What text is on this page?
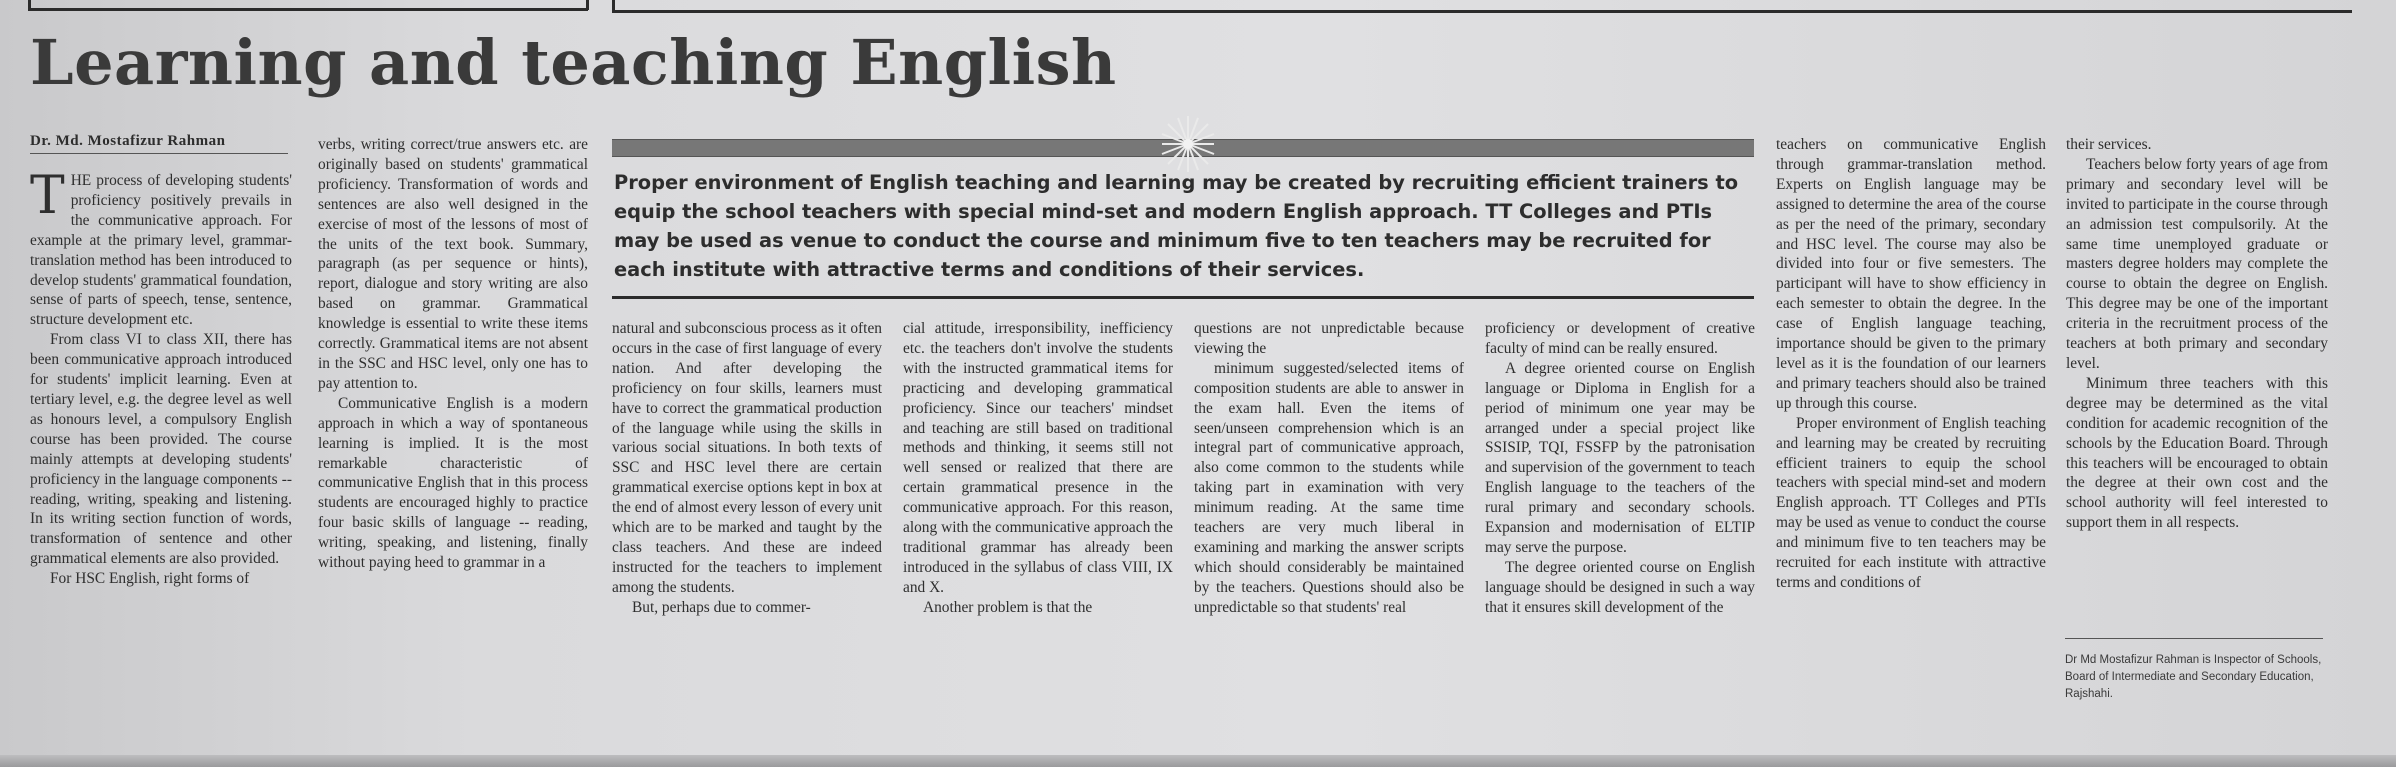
Learning and teaching English
Dr. Md. Mostafizur Rahman

THE process of developing students' proficiency positively prevails in the communicative approach. For example at the primary level, grammar-translation method has been introduced to develop students' grammatical foundation, sense of parts of speech, tense, sentence, structure development etc.

From class VI to class XII, there has been communicative approach introduced for students' implicit learning. Even at tertiary level, e.g. the degree level as well as honours level, a compulsory English course has been provided. The course mainly attempts at developing students' proficiency in the language components -- reading, writing, speaking and listening. In its writing section function of words, transformation of sentence and other grammatical elements are also provided.

For HSC English, right forms of

verbs, writing correct/true answers etc. are originally based on students' grammatical proficiency. Transformation of words and sentences are also well designed in the exercise of most of the lessons of most of the units of the text book. Summary, paragraph (as per sequence or hints), report, dialogue and story writing are also based on grammar. Grammatical knowledge is essential to write these items correctly. Grammatical items are not absent in the SSC and HSC level, only one has to pay attention to.

Communicative English is a modern approach in which a way of spontaneous learning is implied. It is the most remarkable characteristic of communicative English that in this process students are encouraged highly to practice four basic skills of language -- reading, writing, speaking, and listening, finally without paying heed to grammar in a

Proper environment of English teaching and learning may be created by recruiting efficient trainers to equip the school teachers with special mind-set and modern English approach. TT Colleges and PTIs may be used as venue to conduct the course and minimum five to ten teachers may be recruited for each institute with attractive terms and conditions of their services.

natural and subconscious process as it often occurs in the case of first language of every nation. And after developing the proficiency on four skills, learners must have to correct the grammatical production of the language while using the skills in various social situations. In both texts of SSC and HSC level there are certain grammatical exercise options kept in box at the end of almost every lesson of every unit which are to be marked and taught by the class teachers. And these are indeed instructed for the teachers to implement among the students.

But, perhaps due to commer-

cial attitude, irresponsibility, inefficiency etc. the teachers don't involve the students with the instructed grammatical items for practicing and developing grammatical proficiency. Since our teachers' mindset and teaching are still based on traditional methods and thinking, it seems still not well sensed or realized that there are certain grammatical presence in the communicative approach. For this reason, along with the communicative approach the traditional grammar has already been introduced in the syllabus of class VIII, IX and X.

Another problem is that the

questions are not unpredictable because viewing the

minimum suggested/selected items of composition students are able to answer in the exam hall. Even the items of seen/unseen comprehension which is an integral part of communicative approach, also come common to the students while taking part in examination with very minimum reading. At the same time teachers are very much liberal in examining and marking the answer scripts which should considerably be maintained by the teachers. Questions should also be unpredictable so that students' real

proficiency or development of creative faculty of mind can be really ensured.

A degree oriented course on English language or Diploma in English for a period of minimum one year may be arranged under a special project like SSISIP, TQI, FSSFP by the patronisation and supervision of the government to teach English language to the teachers of the rural primary and secondary schools. Expansion and modernisation of ELTIP may serve the purpose.

The degree oriented course on English language should be designed in such a way that it ensures skill development of the

teachers on communicative English through grammar-translation method. Experts on English language may be assigned to determine the area of the course as per the need of the primary, secondary and HSC level. The course may also be divided into four or five semesters. The participant will have to show efficiency in each semester to obtain the degree. In the case of English language teaching, importance should be given to the primary level as it is the foundation of our learners and primary teachers should also be trained up through this course.

Proper environment of English teaching and learning may be created by recruiting efficient trainers to equip the school teachers with special mind-set and modern English approach. TT Colleges and PTIs may be used as venue to conduct the course and minimum five to ten teachers may be recruited for each institute with attractive terms and conditions of

their services.

Teachers below forty years of age from primary and secondary level will be invited to participate in the course through an admission test compulsorily. At the same time unemployed graduate or masters degree holders may complete the course to obtain the degree on English. This degree may be one of the important criteria in the recruitment process of the teachers at both primary and secondary level.

Minimum three teachers with this degree may be determined as the vital condition for academic recognition of the schools by the Education Board. Through this teachers will be encouraged to obtain the degree at their own cost and the school authority will feel interested to support them in all respects.

Dr Md Mostafizur Rahman is Inspector of Schools, Board of Intermediate and Secondary Education, Rajshahi.
